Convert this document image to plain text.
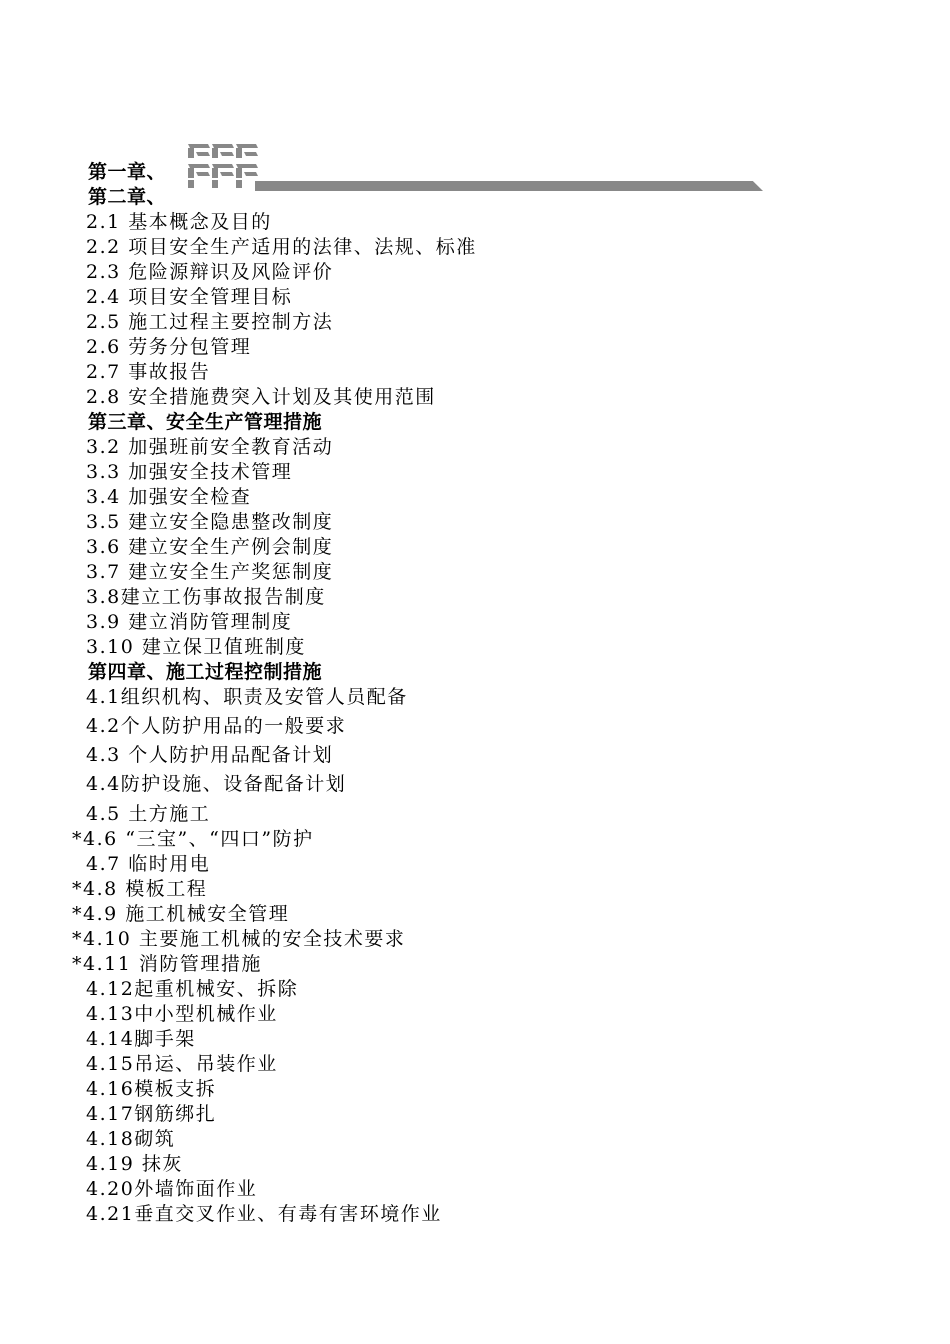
第一章、
第二章、
2.1 基本概念及目的
2.2 项目安全生产适用的法律、法规、标准
2.3 危险源辩识及风险评价
2.4 项目安全管理目标
2.5 施工过程主要控制方法
2.6 劳务分包管理
2.7 事故报告
2.8 安全措施费突入计划及其使用范围
第三章、安全生产管理措施
3.2 加强班前安全教育活动
3.3 加强安全技术管理
3.4 加强安全检查
3.5 建立安全隐患整改制度
3.6 建立安全生产例会制度
3.7 建立安全生产奖惩制度
3.8建立工伤事故报告制度
3.9 建立消防管理制度
3.10 建立保卫值班制度
第四章、施工过程控制措施
4.1组织机构、职责及安管人员配备
4.2个人防护用品的一般要求
4.3 个人防护用品配备计划
4.4防护设施、设备配备计划
4.5 土方施工
*4.6 “三宝”、“四口”防护
4.7 临时用电
*4.8 模板工程
*4.9 施工机械安全管理
*4.10 主要施工机械的安全技术要求
*4.11 消防管理措施
4.12起重机械安、拆除
4.13中小型机械作业
4.14脚手架
4.15吊运、吊装作业
4.16模板支拆
4.17钢筋绑扎
4.18砌筑
4.19 抹灰
4.20外墙饰面作业
4.21垂直交叉作业、有毒有害环境作业
